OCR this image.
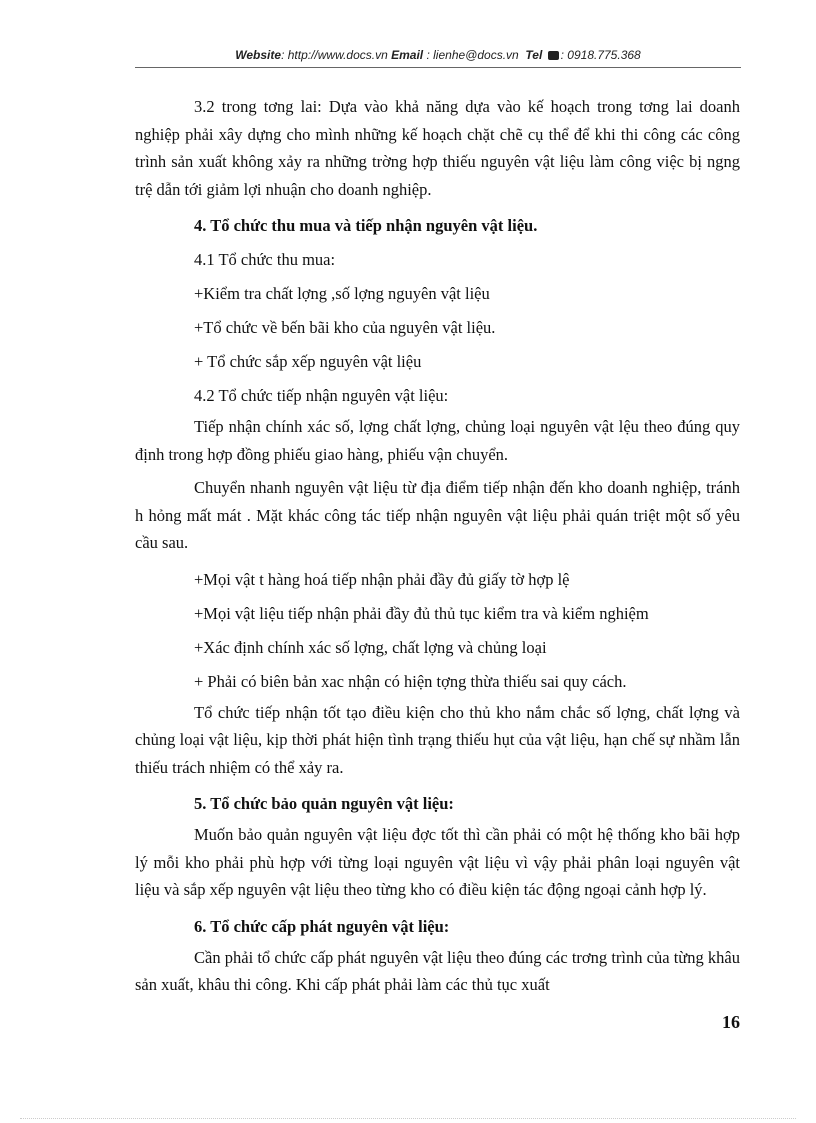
Website: http://www.docs.vn Email : lienhe@docs.vn Tel : 0918.775.368

3.2 trong tơng lai: Dựa vào khả năng dựa vào kế hoạch trong tơng lai doanh nghiệp phải xây dựng cho mình những kế hoạch chặt chẽ cụ thể để khi thi công các công trình sản xuất không xảy ra những trờng hợp thiếu nguyên vật liệu làm công việc bị ngng trệ dẫn tới giảm lợi nhuận cho doanh nghiệp.

4. Tổ chức thu mua và tiếp nhận nguyên vật liệu.

4.1 Tổ chức thu mua:

+Kiểm tra chất lợng ,số lợng nguyên vật liệu

+Tổ chức về bến bãi kho của nguyên vật liệu.

+ Tổ chức sắp xếp nguyên vật liệu

4.2 Tổ chức tiếp nhận nguyên vật liệu:

Tiếp nhận chính xác số, lợng chất lợng, chủng loại nguyên vật lệu theo đúng quy định trong hợp đồng phiếu giao hàng, phiếu vận chuyển.

Chuyển nhanh nguyên vật liệu từ địa điểm tiếp nhận đến kho doanh nghiệp, tránh h hỏng mất mát . Mặt khác công tác tiếp nhận nguyên vật liệu phải quán triệt một số yêu cầu sau.

+Mọi vật t hàng hoá tiếp nhận phải đầy đủ giấy tờ hợp lệ

+Mọi vật liệu tiếp nhận phải đầy đủ thủ tục kiểm tra và kiểm nghiệm

+Xác định chính xác số lợng, chất lợng và chủng loại

+ Phải có biên bản xac nhận có hiện tợng thừa thiếu sai quy cách.

Tổ chức tiếp nhận tốt tạo điều kiện cho thủ kho nắm chắc số lợng, chất lợng và chủng loại vật liệu, kịp thời phát hiện tình trạng thiếu hụt của vật liệu, hạn chế sự nhầm lẫn thiếu trách nhiệm có thể xảy ra.

5. Tổ chức bảo quản nguyên vật liệu:

Muốn bảo quản nguyên vật liệu đợc tốt thì cần phải có một hệ thống kho bãi hợp lý mỗi kho phải phù hợp với từng loại nguyên vật liệu vì vậy phải phân loại nguyên vật liệu và sắp xếp nguyên vật liệu theo từng kho có điều kiện tác động ngoại cảnh hợp lý.

6. Tổ chức cấp phát nguyên vật liệu:

Cần phải tổ chức cấp phát nguyên vật liệu theo đúng các trơng trình của từng khâu sản xuất, khâu thi công. Khi cấp phát phải làm các thủ tục xuất

16
